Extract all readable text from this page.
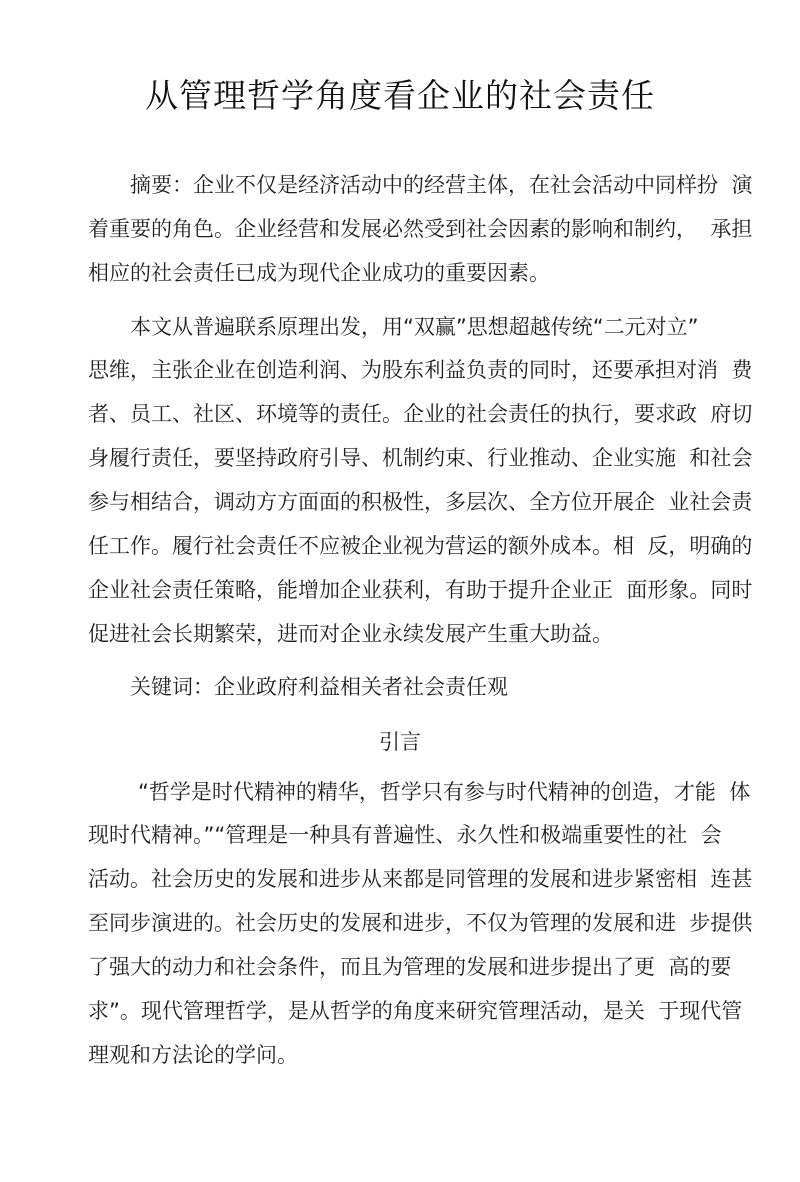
从管理哲学角度看企业的社会责任
摘要：企业不仅是经济活动中的经营主体，在社会活动中同样扮  演
着重要的角色。企业经营和发展必然受到社会因素的影响和制约，  承担
相应的社会责任已成为现代企业成功的重要因素。
本文从普遍联系原理出发，用“双赢”思想超越传统“二元对立”
思维，主张企业在创造利润、为股东利益负责的同时，还要承担对消  费
者、员工、社区、环境等的责任。企业的社会责任的执行，要求政  府切
身履行责任，要坚持政府引导、机制约束、行业推动、企业实施  和社会
参与相结合，调动方方面面的积极性，多层次、全方位开展企  业社会责
任工作。履行社会责任不应被企业视为营运的额外成本。相  反，明确的
企业社会责任策略，能增加企业获利，有助于提升企业正  面形象。同时
促进社会长期繁荣，进而对企业永续发展产生重大助益。
关键词：企业政府利益相关者社会责任观
引言
“哲学是时代精神的精华，哲学只有参与时代精神的创造，才能  体
现时代精神。”“管理是一种具有普遍性、永久性和极端重要性的社  会
活动。社会历史的发展和进步从来都是同管理的发展和进步紧密相  连甚
至同步演进的。社会历史的发展和进步，不仅为管理的发展和进  步提供
了强大的动力和社会条件，而且为管理的发展和进步提出了更  高的要
求”。现代管理哲学，是从哲学的角度来研究管理活动，是关  于现代管
理观和方法论的学问。
